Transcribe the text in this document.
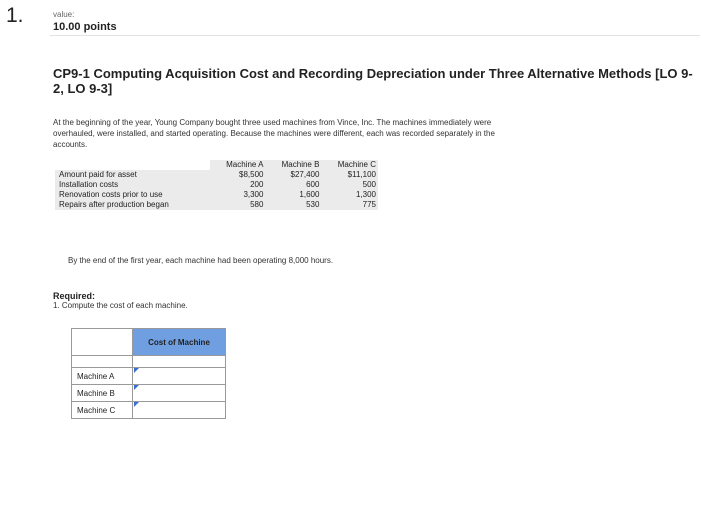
1.	value:
10.00 points
CP9-1 Computing Acquisition Cost and Recording Depreciation under Three Alternative Methods [LO 9-2, LO 9-3]
At the beginning of the year, Young Company bought three used machines from Vince, Inc. The machines immediately were overhauled, were installed, and started operating. Because the machines were different, each was recorded separately in the accounts.
	Machine A	Machine B	Machine C
Amount paid for asset	$8,500	$27,400	$11,100
Installation costs	200	600	500
Renovation costs prior to use	3,300	1,600	1,300
Repairs after production began	580	530	775
By the end of the first year, each machine had been operating 8,000 hours.
Required:
1. Compute the cost of each machine.
	Cost of Machine

Machine A	

Machine B	

Machine C	
